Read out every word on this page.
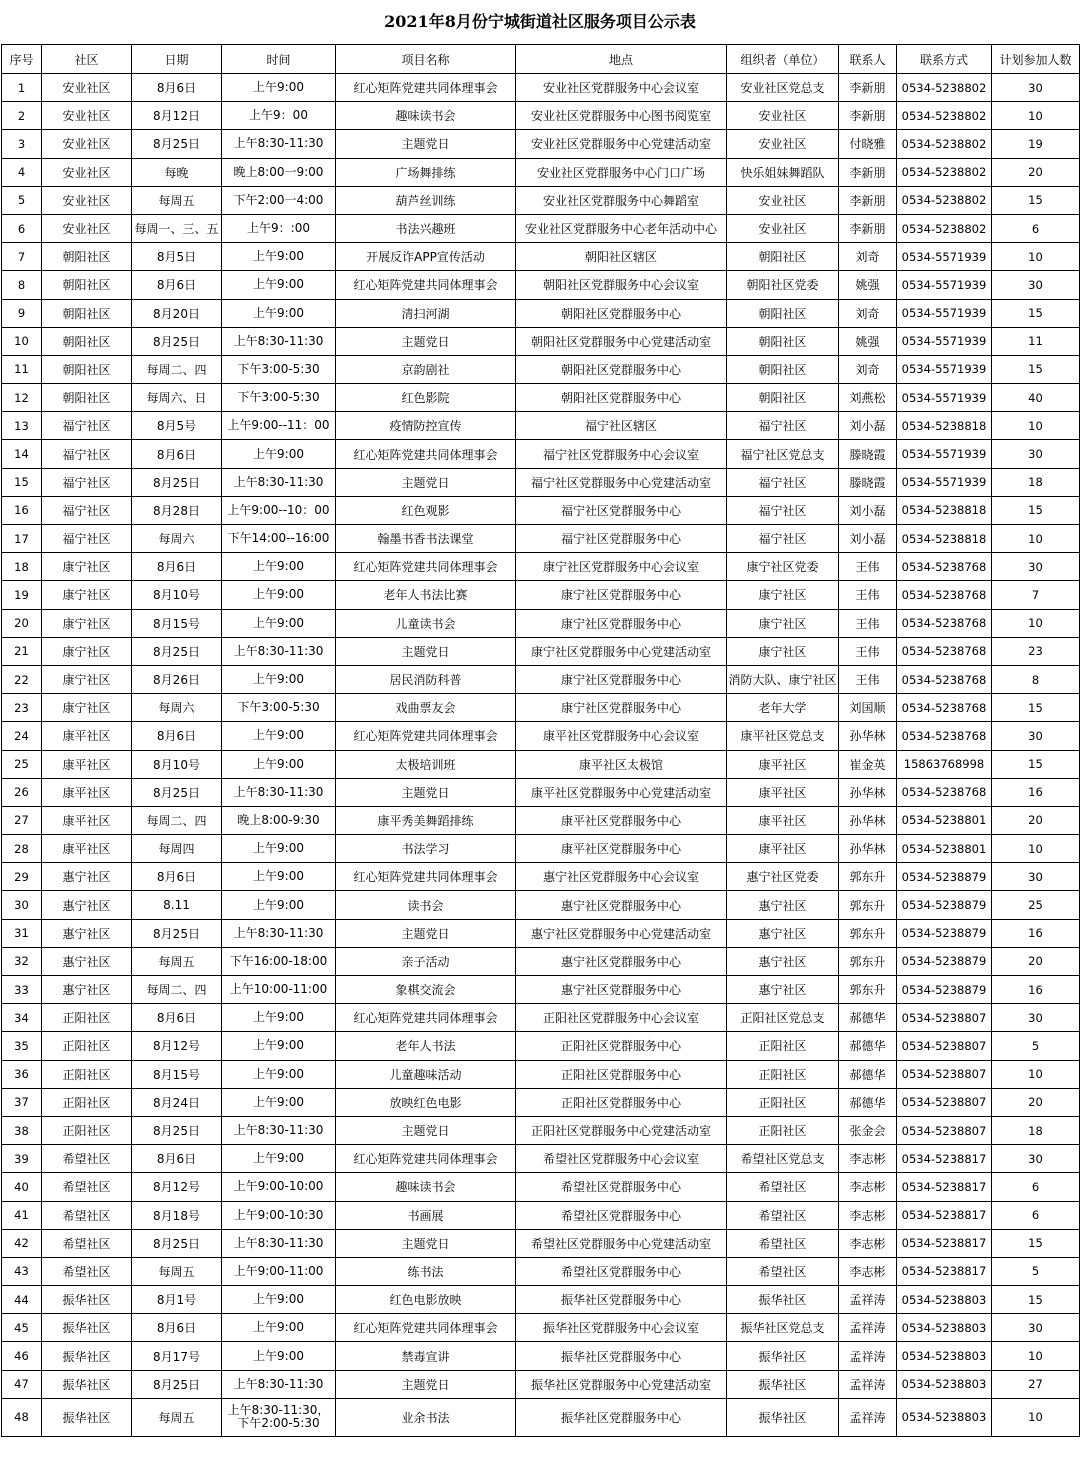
2021年8月份宁城街道社区服务项目公示表
序号	社区	日期	时间	项目名称	地点	组织者（单位）	联系人	联系方式	计划参加人数
1	安业社区	8月6日	上午9:00	红心矩阵党建共同体理事会	安业社区党群服务中心会议室	安业社区党总支	李新朋	0534-5238802	30
2	安业社区	8月12日	上午9：00	趣味读书会	安业社区党群服务中心图书阅览室	安业社区	李新朋	0534-5238802	10
3	安业社区	8月25日	上午8:30-11:30	主题党日	安业社区党群服务中心党建活动室	安业社区	付晓雅	0534-5238802	19
4	安业社区	每晚	晚上8:00一9:00	广场舞排练	安业社区党群服务中心门口广场	快乐姐妹舞蹈队	李新朋	0534-5238802	20
5	安业社区	每周五	下午2:00一4:00	葫芦丝训练	安业社区党群服务中心舞蹈室	安业社区	李新朋	0534-5238802	15
6	安业社区	每周一、三、五	上午9：:00	书法兴趣班	安业社区党群服务中心老年活动中心	安业社区	李新朋	0534-5238802	6
7	朝阳社区	8月5日	上午9:00	开展反诈APP宣传活动	朝阳社区辖区	朝阳社区	刘奇	0534-5571939	10
8	朝阳社区	8月6日	上午9:00	红心矩阵党建共同体理事会	朝阳社区党群服务中心会议室	朝阳社区党委	姚强	0534-5571939	30
9	朝阳社区	8月20日	上午9:00	清扫河湖	朝阳社区党群服务中心	朝阳社区	刘奇	0534-5571939	15
10	朝阳社区	8月25日	上午8:30-11:30	主题党日	朝阳社区党群服务中心党建活动室	朝阳社区	姚强	0534-5571939	11
11	朝阳社区	每周二、四	下午3:00-5:30	京韵剧社	朝阳社区党群服务中心	朝阳社区	刘奇	0534-5571939	15
12	朝阳社区	每周六、日	下午3:00-5:30	红色影院	朝阳社区党群服务中心	朝阳社区	刘燕松	0534-5571939	40
13	福宁社区	8月5号	上午9:00--11：00	疫情防控宣传	福宁社区辖区	福宁社区	刘小磊	0534-5238818	10
14	福宁社区	8月6日	上午9:00	红心矩阵党建共同体理事会	福宁社区党群服务中心会议室	福宁社区党总支	滕晓霞	0534-5571939	30
15	福宁社区	8月25日	上午8:30-11:30	主题党日	福宁社区党群服务中心党建活动室	福宁社区	滕晓霞	0534-5571939	18
16	福宁社区	8月28日	上午9:00--10：00	红色观影	福宁社区党群服务中心	福宁社区	刘小磊	0534-5238818	15
17	福宁社区	每周六	下午14:00--16:00	翰墨书香书法课堂	福宁社区党群服务中心	福宁社区	刘小磊	0534-5238818	10
18	康宁社区	8月6日	上午9:00	红心矩阵党建共同体理事会	康宁社区党群服务中心会议室	康宁社区党委	王伟	0534-5238768	30
19	康宁社区	8月10号	上午9:00	老年人书法比赛	康宁社区党群服务中心	康宁社区	王伟	0534-5238768	7
20	康宁社区	8月15号	上午9:00	儿童读书会	康宁社区党群服务中心	康宁社区	王伟	0534-5238768	10
21	康宁社区	8月25日	上午8:30-11:30	主题党日	康宁社区党群服务中心党建活动室	康宁社区	王伟	0534-5238768	23
22	康宁社区	8月26日	上午9:00	居民消防科普	康宁社区党群服务中心	消防大队、康宁社区	王伟	0534-5238768	8
23	康宁社区	每周六	下午3:00-5:30	戏曲票友会	康宁社区党群服务中心	老年大学	刘国顺	0534-5238768	15
24	康平社区	8月6日	上午9:00	红心矩阵党建共同体理事会	康平社区党群服务中心会议室	康平社区党总支	孙华林	0534-5238768	30
25	康平社区	8月10号	上午9:00	太极培训班	康平社区太极馆	康平社区	崔金英	15863768998	15
26	康平社区	8月25日	上午8:30-11:30	主题党日	康平社区党群服务中心党建活动室	康平社区	孙华林	0534-5238768	16
27	康平社区	每周二、四	晚上8:00-9:30	康平秀美舞蹈排练	康平社区党群服务中心	康平社区	孙华林	0534-5238801	20
28	康平社区	每周四	上午9:00	书法学习	康平社区党群服务中心	康平社区	孙华林	0534-5238801	10
29	惠宁社区	8月6日	上午9:00	红心矩阵党建共同体理事会	惠宁社区党群服务中心会议室	惠宁社区党委	郭东升	0534-5238879	30
30	惠宁社区	8.11	上午9:00	读书会	惠宁社区党群服务中心	惠宁社区	郭东升	0534-5238879	25
31	惠宁社区	8月25日	上午8:30-11:30	主题党日	惠宁社区党群服务中心党建活动室	惠宁社区	郭东升	0534-5238879	16
32	惠宁社区	每周五	下午16:00-18:00	亲子活动	惠宁社区党群服务中心	惠宁社区	郭东升	0534-5238879	20
33	惠宁社区	每周二、四	上午10:00-11:00	象棋交流会	惠宁社区党群服务中心	惠宁社区	郭东升	0534-5238879	16
34	正阳社区	8月6日	上午9:00	红心矩阵党建共同体理事会	正阳社区党群服务中心会议室	正阳社区党总支	郝德华	0534-5238807	30
35	正阳社区	8月12号	上午9:00	老年人书法	正阳社区党群服务中心	正阳社区	郝德华	0534-5238807	5
36	正阳社区	8月15号	上午9:00	儿童趣味活动	正阳社区党群服务中心	正阳社区	郝德华	0534-5238807	10
37	正阳社区	8月24日	上午9:00	放映红色电影	正阳社区党群服务中心	正阳社区	郝德华	0534-5238807	20
38	正阳社区	8月25日	上午8:30-11:30	主题党日	正阳社区党群服务中心党建活动室	正阳社区	张金会	0534-5238807	18
39	希望社区	8月6日	上午9:00	红心矩阵党建共同体理事会	希望社区党群服务中心会议室	希望社区党总支	李志彬	0534-5238817	30
40	希望社区	8月12号	上午9:00-10:00	趣味读书会	希望社区党群服务中心	希望社区	李志彬	0534-5238817	6
41	希望社区	8月18号	上午9:00-10:30	书画展	希望社区党群服务中心	希望社区	李志彬	0534-5238817	6
42	希望社区	8月25日	上午8:30-11:30	主题党日	希望社区党群服务中心党建活动室	希望社区	李志彬	0534-5238817	15
43	希望社区	每周五	上午9:00-11:00	练书法	希望社区党群服务中心	希望社区	李志彬	0534-5238817	5
44	振华社区	8月1号	上午9:00	红色电影放映	振华社区党群服务中心	振华社区	孟祥涛	0534-5238803	15
45	振华社区	8月6日	上午9:00	红心矩阵党建共同体理事会	振华社区党群服务中心会议室	振华社区党总支	孟祥涛	0534-5238803	30
46	振华社区	8月17号	上午9:00	禁毒宣讲	振华社区党群服务中心	振华社区	孟祥涛	0534-5238803	10
47	振华社区	8月25日	上午8:30-11:30	主题党日	振华社区党群服务中心党建活动室	振华社区	孟祥涛	0534-5238803	27
48	振华社区	每周五	上午8:30-11:30，下午2:00-5:30	业余书法	振华社区党群服务中心	振华社区	孟祥涛	0534-5238803	10
